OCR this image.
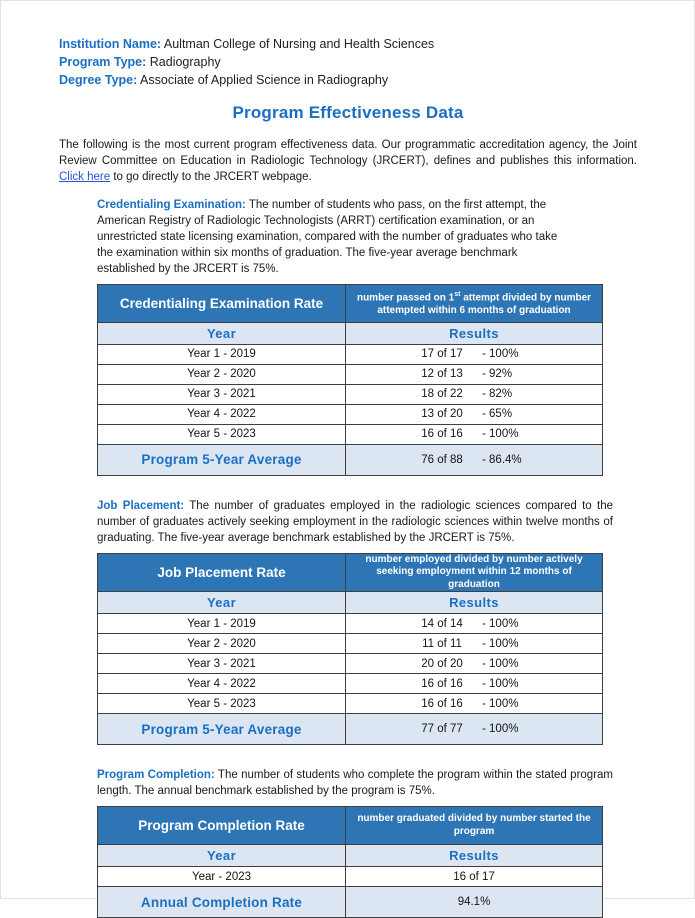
Institution Name: Aultman College of Nursing and Health Sciences
Program Type: Radiography
Degree Type: Associate of Applied Science in Radiography
Program Effectiveness Data

The following is the most current program effectiveness data. Our programmatic accreditation agency, the Joint Review Committee on Education in Radiologic Technology (JRCERT), defines and publishes this information. Click here to go directly to the JRCERT webpage.

Credentialing Examination: The number of students who pass, on the first attempt, the American Registry of Radiologic Technologists (ARRT) certification examination, or an unrestricted state licensing examination, compared with the number of graduates who take the examination within six months of graduation. The five-year average benchmark established by the JRCERT is 75%.

Credentialing Examination Rate	number passed on 1st attempt divided by number attempted within 6 months of graduation
Year	Results
Year 1 - 2019	17 of 17 - 100%

Year 2 - 2020	12 of 13 - 92%

Year 3 - 2021	18 of 22 - 82%

Year 4 - 2022	13 of 20 - 65%

Year 5 - 2023	16 of 16 - 100%

Program 5-Year Average	76 of 88 - 86.4%

Job Placement: The number of graduates employed in the radiologic sciences compared to the number of graduates actively seeking employment in the radiologic sciences within twelve months of graduating. The five-year average benchmark established by the JRCERT is 75%.

Job Placement Rate	number employed divided by number actively seeking employment within 12 months of graduation
Year	Results
Year 1 - 2019	14 of 14 - 100%

Year 2 - 2020	11 of 11 - 100%

Year 3 - 2021	20 of 20 - 100%

Year 4 - 2022	16 of 16 - 100%

Year 5 - 2023	16 of 16 - 100%

Program 5-Year Average	77 of 77 - 100%

Program Completion: The number of students who complete the program within the stated program length. The annual benchmark established by the program is 75%.

Program Completion Rate	number graduated divided by number started the program
Year	Results
Year - 2023	16 of 17
Annual Completion Rate	94.1%
